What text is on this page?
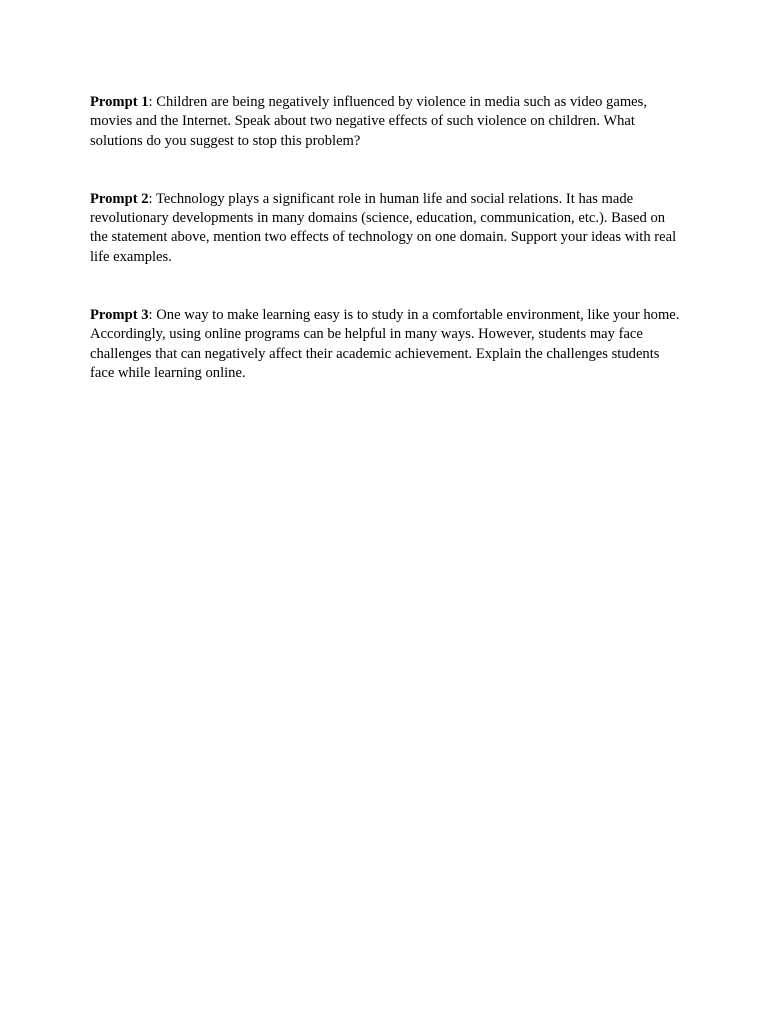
Prompt 1: Children are being negatively influenced by violence in media such as video games, movies and the Internet. Speak about two negative effects of such violence on children. What solutions do you suggest to stop this problem?

Prompt 2: Technology plays a significant role in human life and social relations. It has made revolutionary developments in many domains (science, education, communication, etc.). Based on the statement above, mention two effects of technology on one domain. Support your ideas with real life examples.

Prompt 3: One way to make learning easy is to study in a comfortable environment, like your home. Accordingly, using online programs can be helpful in many ways. However, students may face challenges that can negatively affect their academic achievement. Explain the challenges students face while learning online.
